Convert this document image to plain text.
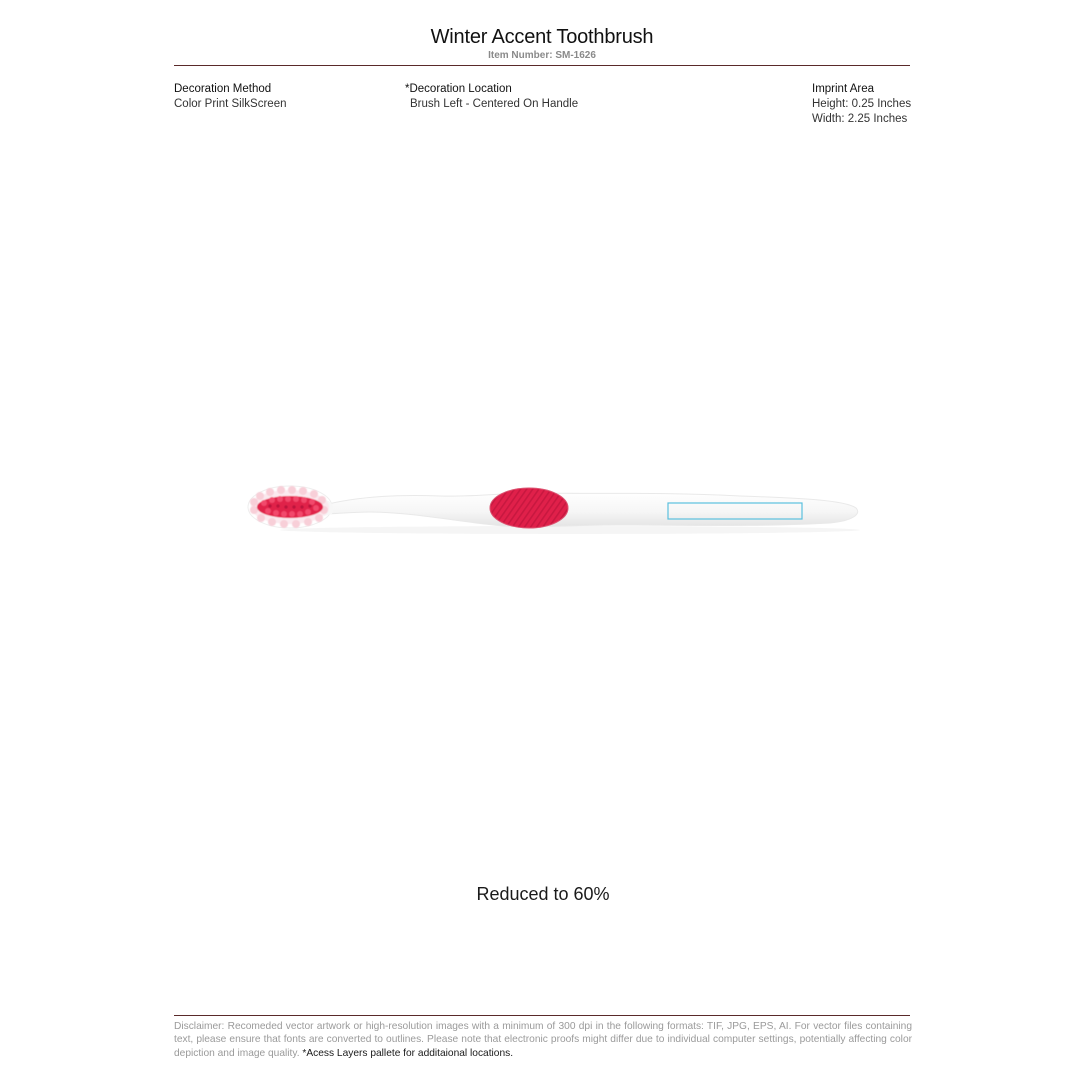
Winter Accent Toothbrush
Item Number: SM-1626
Decoration Method
Color Print SilkScreen
*Decoration Location
Brush Left - Centered On Handle
Imprint Area
Height: 0.25 Inches
Width: 2.25 Inches
Reduced to 60%
Disclaimer: Recomeded vector artwork or high-resolution images with a minimum of 300 dpi in the following formats: TIF, JPG, EPS, AI. For vector files containing text, please ensure that fonts are converted to outlines. Please note that electronic proofs might differ due to individual computer settings, potentially affecting color depiction and image quality. *Acess Layers pallete for additaional locations.
